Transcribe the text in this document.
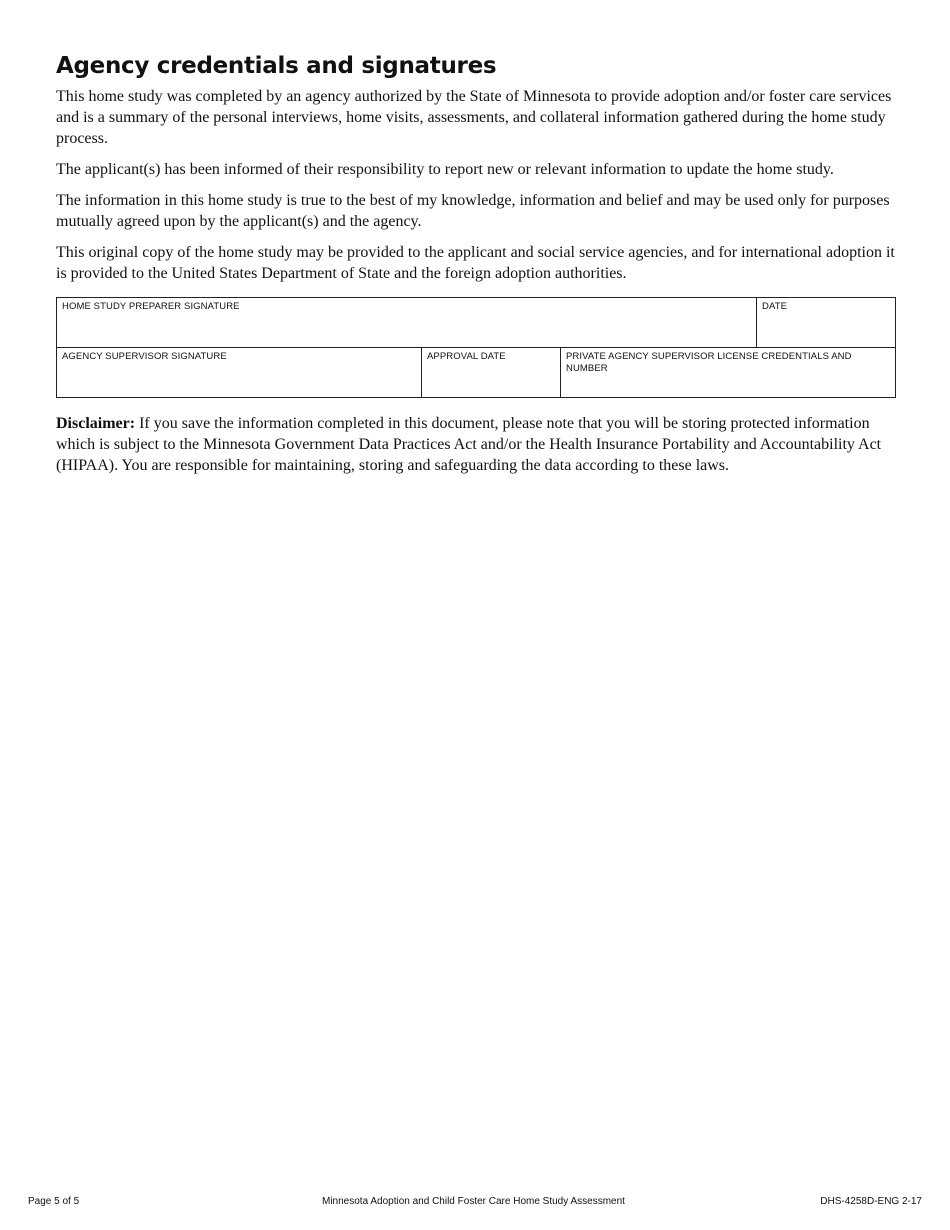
Agency credentials and signatures

This home study was completed by an agency authorized by the State of Minnesota to provide adoption and/or foster care services and is a summary of the personal interviews, home visits, assessments, and collateral information gathered during the home study process.

The applicant(s) has been informed of their responsibility to report new or relevant information to update the home study.

The information in this home study is true to the best of my knowledge, information and belief and may be used only for purposes mutually agreed upon by the applicant(s) and the agency.

This original copy of the home study may be provided to the applicant and social service agencies, and for international adoption it is provided to the United States Department of State and the foreign adoption authorities.

HOME STUDY PREPARER SIGNATURE	DATE
AGENCY SUPERVISOR SIGNATURE	APPROVAL DATE	PRIVATE AGENCY SUPERVISOR LICENSE CREDENTIALS AND NUMBER

Disclaimer: If you save the information completed in this document, please note that you will be storing protected information which is subject to the Minnesota Government Data Practices Act and/or the Health Insurance Portability and Accountability Act (HIPAA). You are responsible for maintaining, storing and safeguarding the data according to these laws.

Page 5 of 5	Minnesota Adoption and Child Foster Care Home Study Assessment	DHS-4258D-ENG 2-17
